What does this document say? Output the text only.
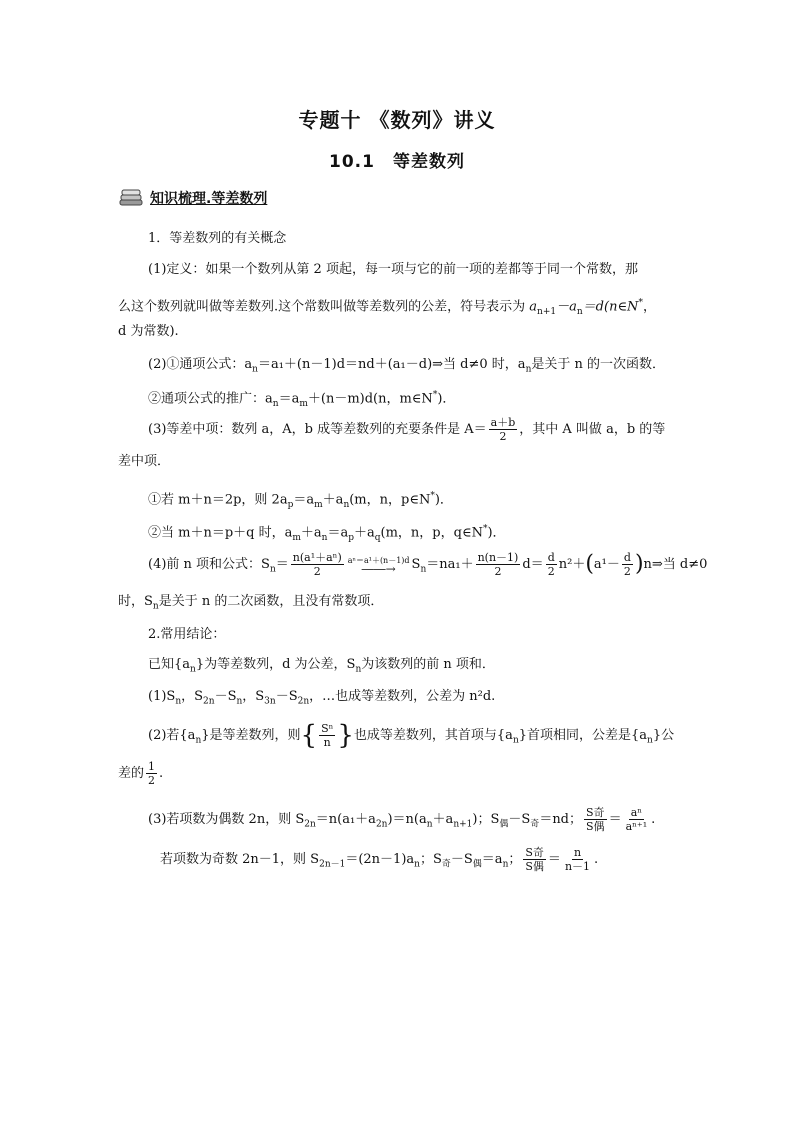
专题十 《数列》讲义
10.1　等差数列
知识梳理.等差数列
1．等差数列的有关概念
(1)定义：如果一个数列从第 2 项起，每一项与它的前一项的差都等于同一个常数，那
么这个数列就叫做等差数列.这个常数叫做等差数列的公差，符号表示为 $a_{n+1}-a_n=d(n\in N^*$，
d 为常数).
(2)①通项公式：$a_n=a_1+(n-1)d=nd+(a_1-d)\Rightarrow$当 d≠0 时，$a_n$是关于 n 的一次函数．
②通项公式的推广：$a_n=a_m+(n-m)d(n$，m∈N*)．
(3)等差中项：数列 a，A，b 成等差数列的充要条件是 $A= \frac{a+b}{2}$ ，其中 A 叫做 a，b 的等
差中项．
①若 m＋n＝2p，则 $2a_p=a_m+a_n(m$，n，p∈N*)．
②当 m＋n＝p＋q 时，$a_m+a_n=a_p+a_q(m$，n，p，q∈N*)．
(4)前 n 项和公式：$S_n= \frac{\text{n(a¹＋aⁿ)}}{2} a^n=a^1+(n-1)d$
――→ $S_n=na_1+ \frac{n(n-1)}{2} d= \frac{d}{2} n^2+(a^1- \frac{d}{2}$ )n⇒当 d≠0
时，$S_n$是关于 n 的二次函数，且没有常数项．
2.常用结论：
已知$\{a_n\}$为等差数列，d 为公差，$S_n$为该数列的前 n 项和．
$(1)S_n$，$S_{2n}-S_n$，$S_{3n}-S_{2n}$，…也成等差数列，公差为 n²d.
(2)若$\{a_n\}$是等差数列，则{ $\frac{\text{Sⁿ}}{n}$ }也成等差数列，其首项与$\{a_n\}$首项相同，公差是$\{a_n\}$公
差的 $\frac{1}{2}$ .
(3)若项数为偶数 2n，则 $S_{2n}=n(a_1+a_{2n})=n(a_n+a_{n+1})$；$S_偶-S_奇=nd$； $\frac{\text{S奇}}{\text{S偶}} = \frac{\text{aⁿ}}{\text{aⁿ⁺¹}}$ .
若项数为奇数 2n－1，则 $S_{2n-1}=(2n-1)a_n$；$S_奇-S_偶=a_n$； $\frac{\text{S奇}}{\text{S偶}} = \frac{n}{n-1}$ .
